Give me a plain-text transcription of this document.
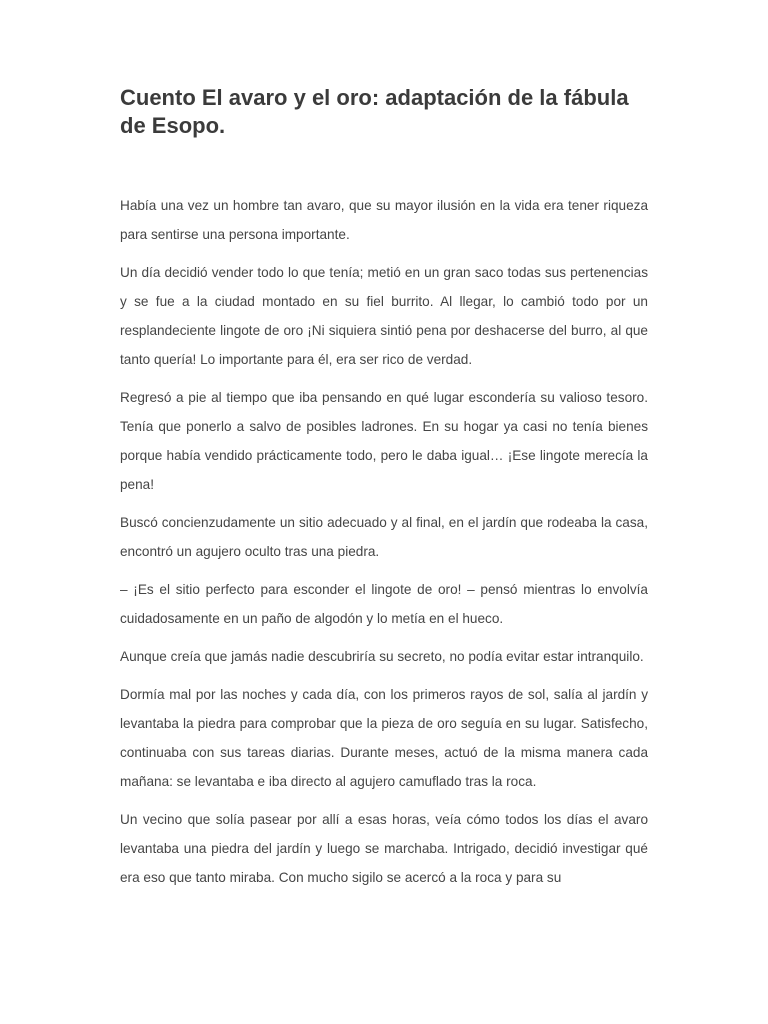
Cuento El avaro y el oro: adaptación de la fábula de Esopo.

Había una vez un hombre tan avaro, que su mayor ilusión en la vida era tener riqueza para sentirse una persona importante.

Un día decidió vender todo lo que tenía; metió en un gran saco todas sus pertenencias y se fue a la ciudad montado en su fiel burrito. Al llegar, lo cambió todo por un resplandeciente lingote de oro ¡Ni siquiera sintió pena por deshacerse del burro, al que tanto quería! Lo importante para él, era ser rico de verdad.

Regresó a pie al tiempo que iba pensando en qué lugar escondería su valioso tesoro. Tenía que ponerlo a salvo de posibles ladrones. En su hogar ya casi no tenía bienes porque había vendido prácticamente todo, pero le daba igual… ¡Ese lingote merecía la pena!

Buscó concienzudamente un sitio adecuado y al final, en el jardín que rodeaba la casa, encontró un agujero oculto tras una piedra.

– ¡Es el sitio perfecto para esconder el lingote de oro! – pensó mientras lo envolvía cuidadosamente en un paño de algodón y lo metía en el hueco.

Aunque creía que jamás nadie descubriría su secreto, no podía evitar estar intranquilo.

Dormía mal por las noches y cada día, con los primeros rayos de sol, salía al jardín y levantaba la piedra para comprobar que la pieza de oro seguía en su lugar. Satisfecho, continuaba con sus tareas diarias. Durante meses, actuó de la misma manera cada mañana: se levantaba e iba directo al agujero camuflado tras la roca.

Un vecino que solía pasear por allí a esas horas, veía cómo todos los días el avaro levantaba una piedra del jardín y luego se marchaba. Intrigado, decidió investigar qué era eso que tanto miraba. Con mucho sigilo se acercó a la roca y para su
